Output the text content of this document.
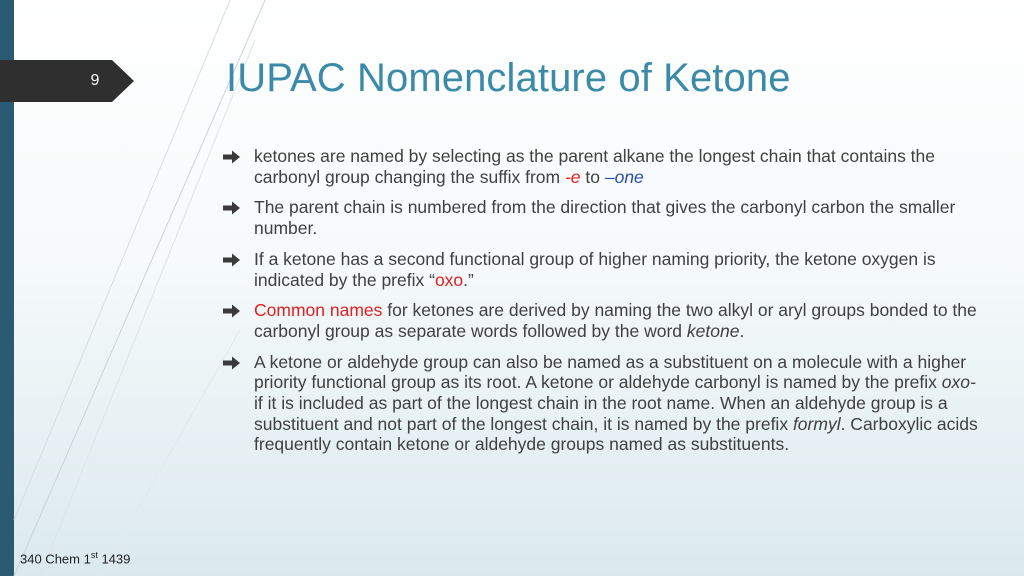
9	IUPAC Nomenclature of Ketone
ketones are named by selecting as the parent alkane the longest chain that contains the carbonyl group changing the suffix from -e to –one
The parent chain is numbered from the direction that gives the carbonyl carbon the smaller number.
If a ketone has a second functional group of higher naming priority, the ketone oxygen is indicated by the prefix “oxo.”
Common names for ketones are derived by naming the two alkyl or aryl groups bonded to the carbonyl group as separate words followed by the word ketone.
A ketone or aldehyde group can also be named as a substituent on a molecule with a higher priority functional group as its root. A ketone or aldehyde carbonyl is named by the prefix oxo- if it is included as part of the longest chain in the root name. When an aldehyde group is a substituent and not part of the longest chain, it is named by the prefix formyl. Carboxylic acids frequently contain ketone or aldehyde groups named as substituents.
340 Chem 1st 1439
